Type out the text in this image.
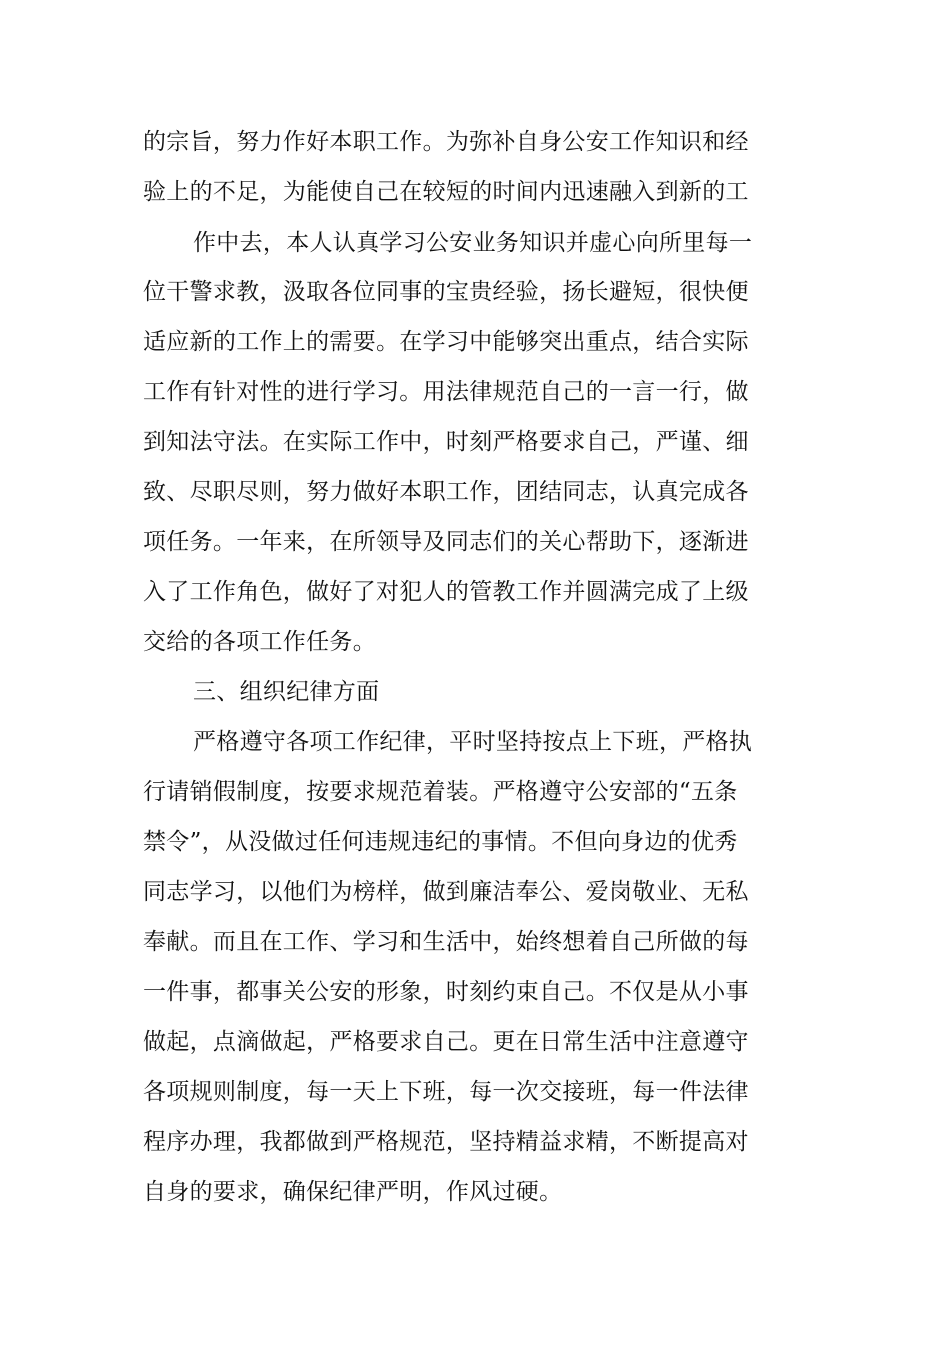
的宗旨，努力作好本职工作。为弥补自身公安工作知识和经
验上的不足，为能使自己在较短的时间内迅速融入到新的工
作中去，本人认真学习公安业务知识并虚心向所里每一
位干警求教，汲取各位同事的宝贵经验，扬长避短，很快便
适应新的工作上的需要。在学习中能够突出重点，结合实际
工作有针对性的进行学习。用法律规范自己的一言一行，做
到知法守法。在实际工作中，时刻严格要求自己，严谨、细
致、尽职尽则，努力做好本职工作，团结同志，认真完成各
项任务。一年来，在所领导及同志们的关心帮助下，逐渐进
入了工作角色，做好了对犯人的管教工作并圆满完成了上级
交给的各项工作任务。
三、组织纪律方面
严格遵守各项工作纪律，平时坚持按点上下班，严格执
行请销假制度，按要求规范着装。严格遵守公安部的“五条
禁令”，从没做过任何违规违纪的事情。不但向身边的优秀
同志学习，以他们为榜样，做到廉洁奉公、爱岗敬业、无私
奉献。而且在工作、学习和生活中，始终想着自己所做的每
一件事，都事关公安的形象，时刻约束自己。不仅是从小事
做起，点滴做起，严格要求自己。更在日常生活中注意遵守
各项规则制度，每一天上下班，每一次交接班，每一件法律
程序办理，我都做到严格规范，坚持精益求精，不断提高对
自身的要求，确保纪律严明，作风过硬。
